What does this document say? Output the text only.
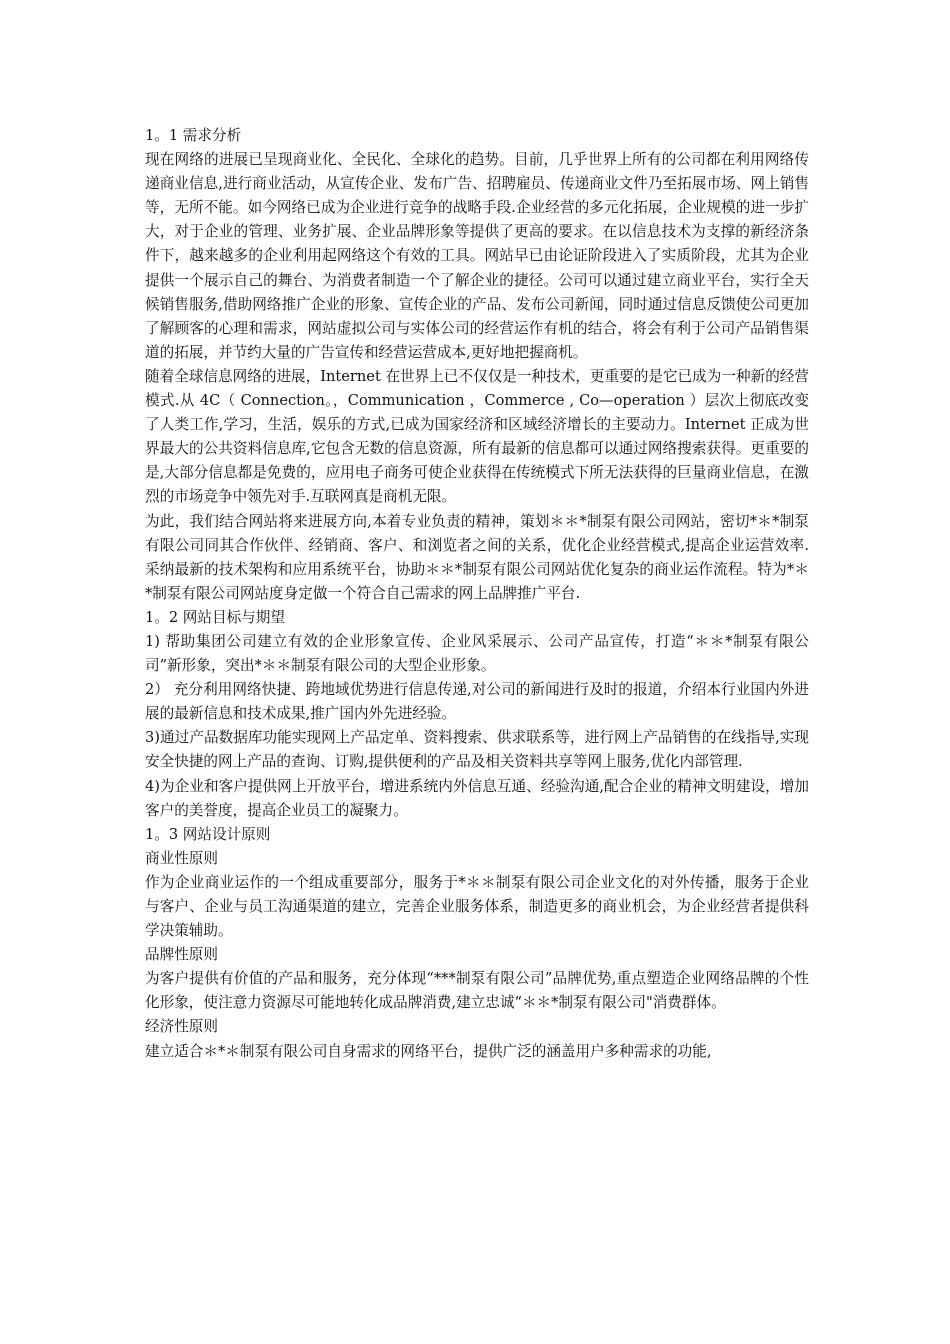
1。1 需求分析

现在网络的进展已呈现商业化、全民化、全球化的趋势。目前，几乎世界上所有的公司都在利用网络传递商业信息,进行商业活动，从宣传企业、发布广告、招聘雇员、传递商业文件乃至拓展市场、网上销售等，无所不能。如今网络已成为企业进行竞争的战略手段.企业经营的多元化拓展，企业规模的进一步扩大，对于企业的管理、业务扩展、企业品牌形象等提供了更高的要求。在以信息技术为支撑的新经济条件下，越来越多的企业利用起网络这个有效的工具。网站早已由论证阶段进入了实质阶段，尤其为企业提供一个展示自己的舞台、为消费者制造一个了解企业的捷径。公司可以通过建立商业平台，实行全天候销售服务,借助网络推广企业的形象、宣传企业的产品、发布公司新闻，同时通过信息反馈使公司更加了解顾客的心理和需求，网站虚拟公司与实体公司的经营运作有机的结合，将会有利于公司产品销售渠道的拓展，并节约大量的广告宣传和经营运营成本,更好地把握商机。

随着全球信息网络的进展，Internet 在世界上已不仅仅是一种技术，更重要的是它已成为一种新的经营模式.从 4C（ Connection。，Communication ，Commerce , Co—operation ）层次上彻底改变了人类工作,学习，生活，娱乐的方式,已成为国家经济和区域经济增长的主要动力。Internet 正成为世界最大的公共资料信息库,它包含无数的信息资源，所有最新的信息都可以通过网络搜索获得。更重要的是,大部分信息都是免费的，应用电子商务可使企业获得在传统模式下所无法获得的巨量商业信息，在激烈的市场竞争中领先对手.互联网真是商机无限。

为此，我们结合网站将来进展方向,本着专业负责的精神，策划＊＊*制泵有限公司网站，密切*＊*制泵有限公司同其合作伙伴、经销商、客户、和浏览者之间的关系，优化企业经营模式,提高企业运营效率.采纳最新的技术架构和应用系统平台，协助＊＊*制泵有限公司网站优化复杂的商业运作流程。特为*＊*制泵有限公司网站度身定做一个符合自己需求的网上品牌推广平台.

1。2 网站目标与期望

1) 帮助集团公司建立有效的企业形象宣传、企业风采展示、公司产品宣传，打造“＊＊*制泵有限公司”新形象，突出*＊＊制泵有限公司的大型企业形象。

2） 充分利用网络快捷、跨地域优势进行信息传递,对公司的新闻进行及时的报道，介绍本行业国内外进展的最新信息和技术成果,推广国内外先进经验。

3)通过产品数据库功能实现网上产品定单、资料搜索、供求联系等，进行网上产品销售的在线指导,实现安全快捷的网上产品的查询、订购,提供便利的产品及相关资料共享等网上服务,优化内部管理.

4)为企业和客户提供网上开放平台，增进系统内外信息互通、经验沟通,配合企业的精神文明建设，增加客户的美誉度，提高企业员工的凝聚力。

1。3 网站设计原则

商业性原则

作为企业商业运作的一个组成重要部分，服务于*＊＊制泵有限公司企业文化的对外传播，服务于企业与客户、企业与员工沟通渠道的建立，完善企业服务体系，制造更多的商业机会，为企业经营者提供科学决策辅助。

品牌性原则

为客户提供有价值的产品和服务，充分体现“***制泵有限公司”品牌优势,重点塑造企业网络品牌的个性化形象，使注意力资源尽可能地转化成品牌消费,建立忠诚“＊＊*制泵有限公司"消费群体。

经济性原则

建立适合＊*＊制泵有限公司自身需求的网络平台，提供广泛的涵盖用户多种需求的功能,
